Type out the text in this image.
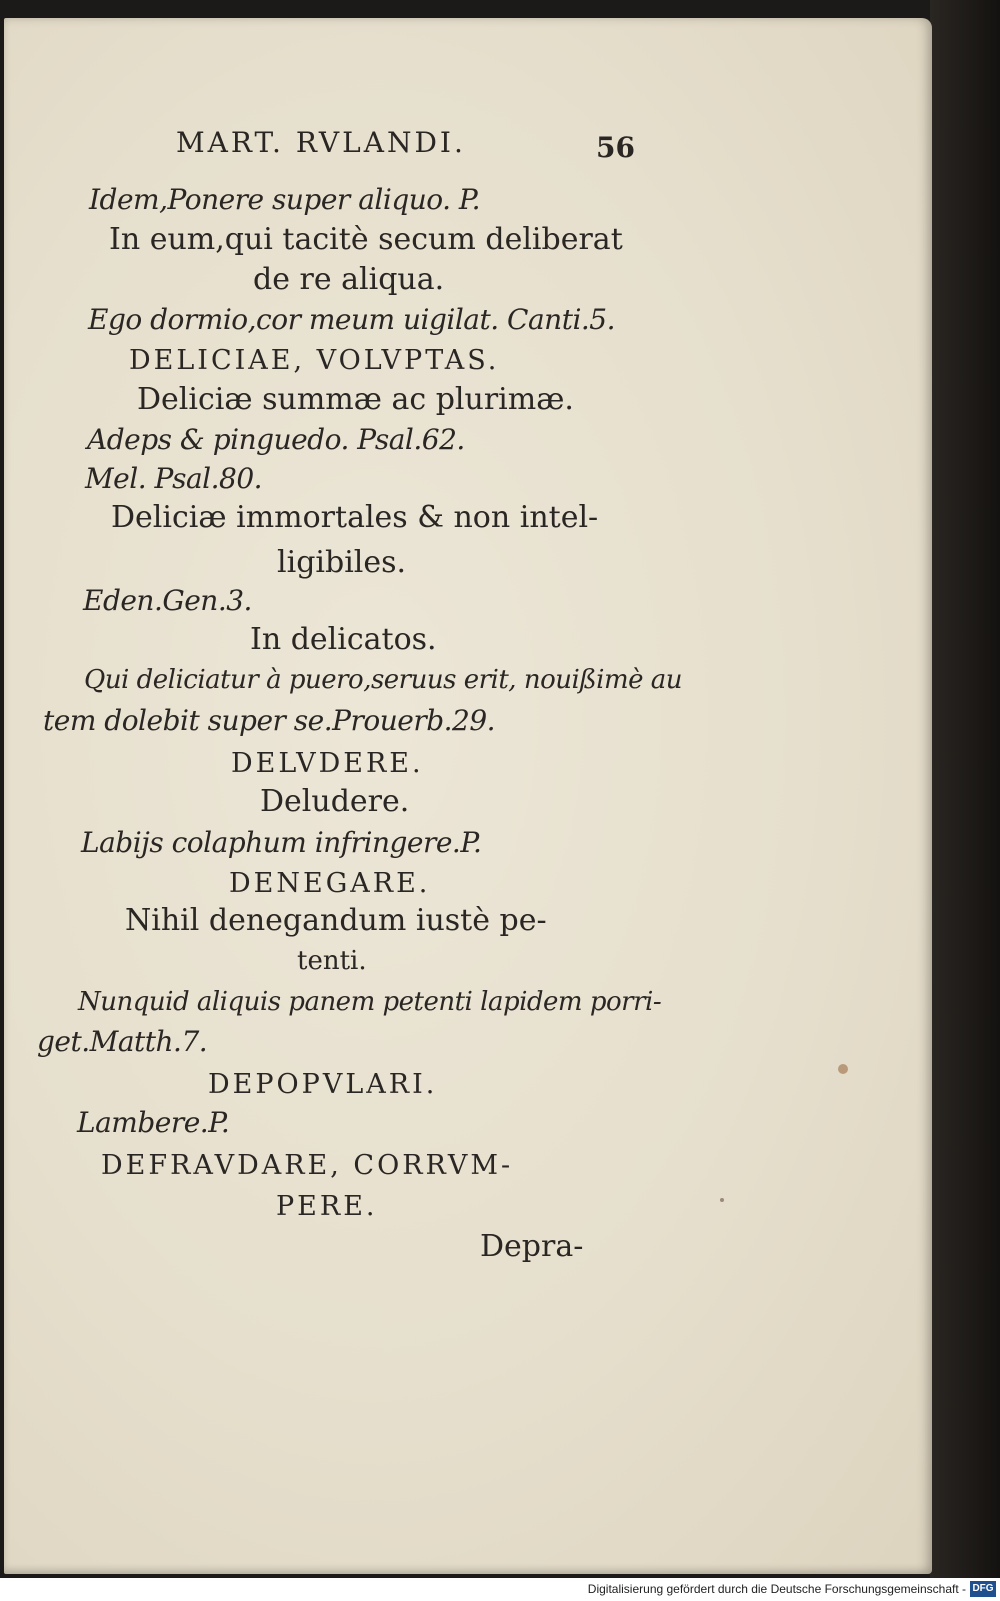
MART. RVLANDI.	56
Idem,Ponere super aliquo. P.
In eum,qui tacitè secum deliberat
de re aliqua.
Ego dormio,cor meum uigilat. Canti.5.
DELICIAE, VOLVPTAS.
Deliciæ summæ ac plurimæ.
Adeps & pinguedo. Psal.62.
Mel. Psal.80.
Deliciæ immortales & non intel-
ligibiles.
Eden.Gen.3.
In delicatos.
Qui deliciatur à puero,seruus erit, nouißimè au
tem dolebit super se.Prouerb.29.
DELVDERE.
Deludere.
Labijs colaphum infringere.P.
DENEGARE.
Nihil denegandum iustè pe-
tenti.
Nunquid aliquis panem petenti lapidem porri-
get.Matth.7.
DEPOPVLARI.
Lambere.P.
DEFRAVDARE, CORRVM-
PERE.
Depra-
Digitalisierung gefördert durch die Deutsche Forschungsgemeinschaft - DFG
